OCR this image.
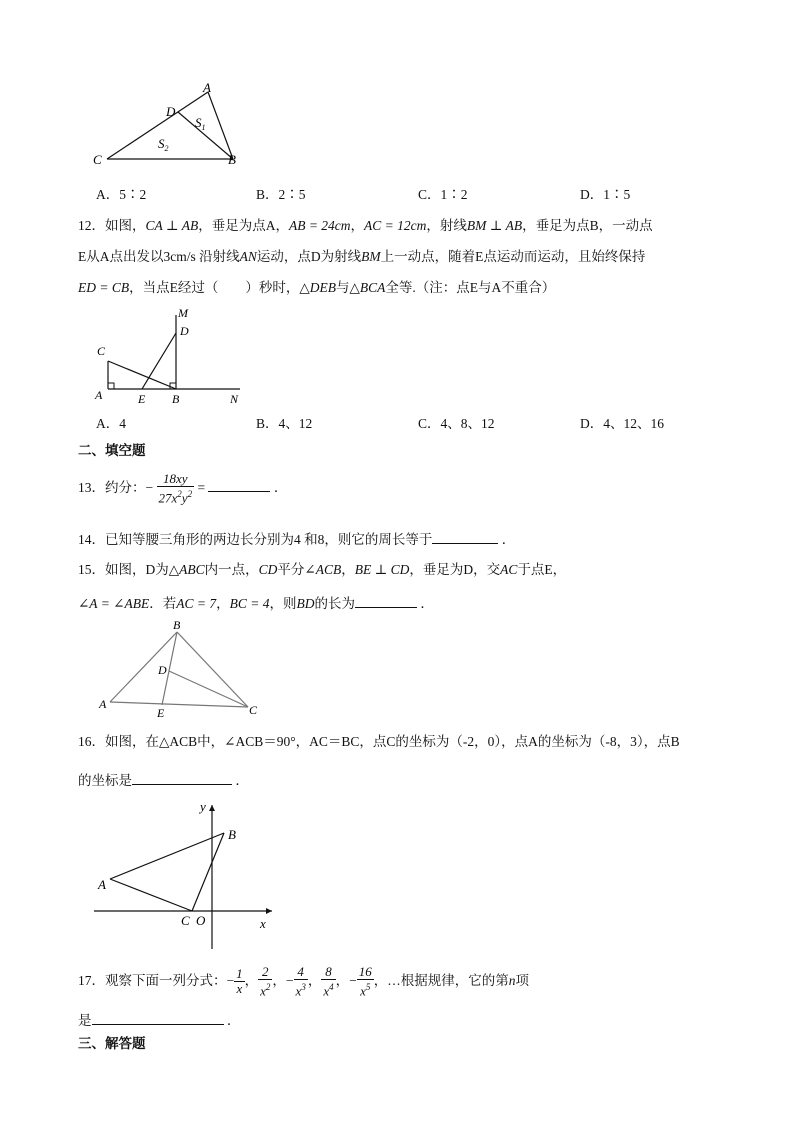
A
D
B
C
$S_1$
$S_2$
A．5∶2	B．2∶5	C．1∶2	D．1∶5
12．如图，CA ⊥ AB，垂足为点A，AB = 24cm，AC = 12cm，射线BM ⊥ AB，垂足为点B，一动点
E从A点出发以3cm/s 沿射线AN运动，点D为射线BM上一动点，随着E点运动而运动，且始终保持
ED = CB，当点E经过（　　）秒时，△DEB与△BCA全等.（注：点E与A不重合）
M
D
C
A	E B	N
A．4	B．4、12	C．4、8、12	D．4、12、16
二、填空题
13．约分：− $\frac{18xy}{27x^2y^2}$ =	．
14．已知等腰三角形的两边长分别为4 和8，则它的周长等于	．
15．如图，D为△ABC内一点，CD平分∠ACB，BE ⊥ CD，垂足为D，交AC于点E，
∠A = ∠ABE．若AC = 7，BC = 4，则BD的长为	．
B
D
A
E	C
16．如图，在△ACB中，∠ACB＝90°，AC＝BC，点C的坐标为（-2，0），点A的坐标为（-8，3），点B
的坐标是	．
y
B
A
C O	x
17．观察下面一列分式：− $\frac{1}{x}$ ， $\frac{2}{x^2}$ ，− $\frac{4}{x^3}$ ， $\frac{8}{x^4}$ ，− $\frac{16}{x^5}$ ，…根据规律，它的第n项
是	．
三、解答题
